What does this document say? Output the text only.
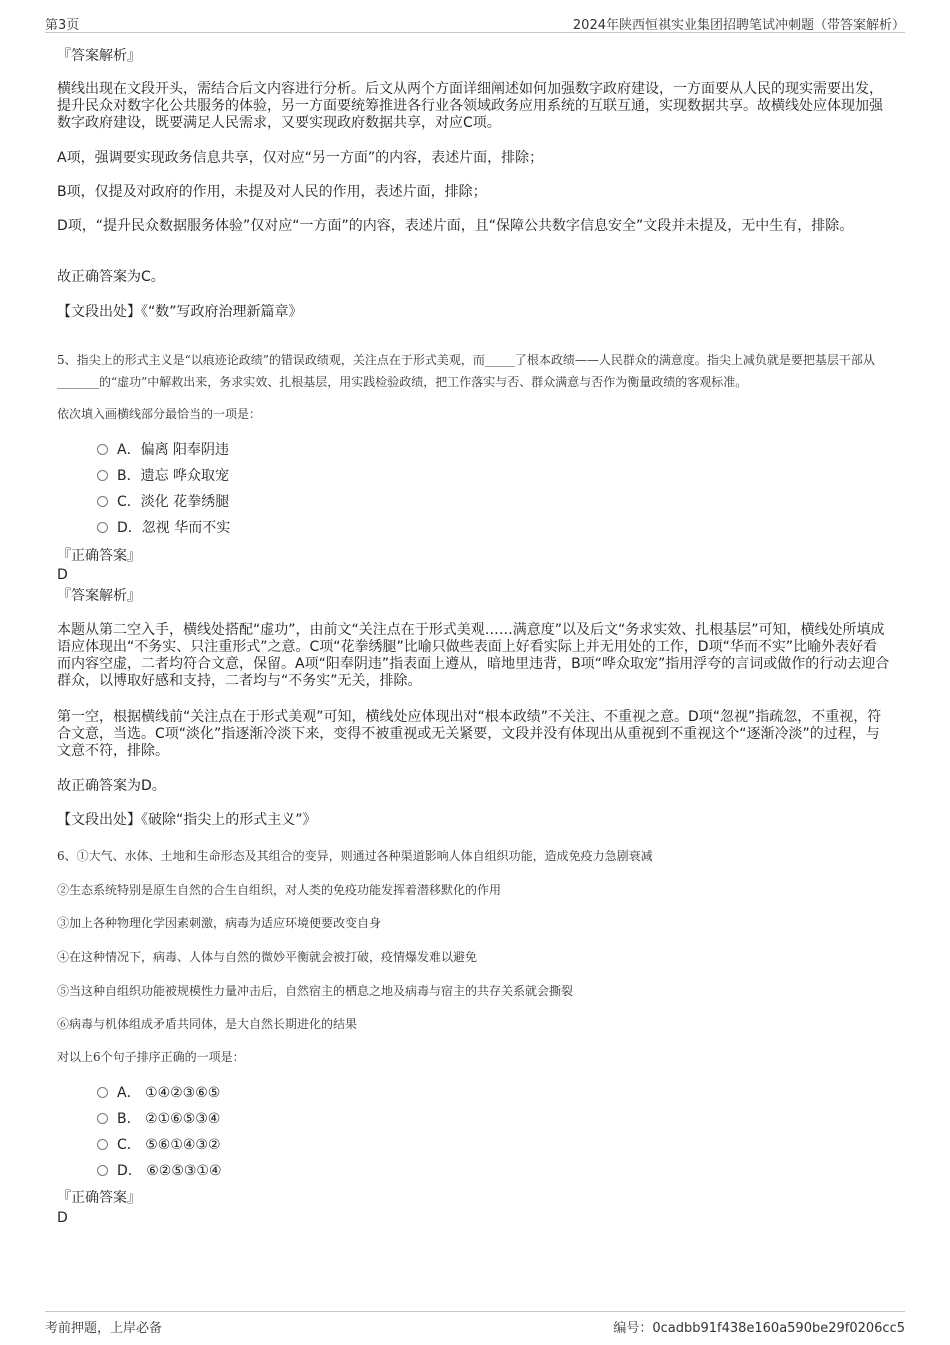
第3页	2024年陕西恒祺实业集团招聘笔试冲刺题（带答案解析）
『答案解析』
横线出现在文段开头，需结合后文内容进行分析。后文从两个方面详细阐述如何加强数字政府建设，一方面要从人民的现实需要出发，提升民众对数字化公共服务的体验，另一方面要统筹推进各行业各领域政务应用系统的互联互通，实现数据共享。故横线处应体现加强数字政府建设，既要满足人民需求，又要实现政府数据共享，对应C项。
A项，强调要实现政务信息共享，仅对应“另一方面”的内容，表述片面，排除；
B项，仅提及对政府的作用，未提及对人民的作用，表述片面，排除；
D项，“提升民众数据服务体验”仅对应“一方面”的内容，表述片面，且“保障公共数字信息安全”文段并未提及，无中生有，排除。
故正确答案为C。
【文段出处】《“数”写政府治理新篇章》
5、指尖上的形式主义是“以痕迹论政绩”的错误政绩观，关注点在于形式美观，而_____了根本政绩——人民群众的满意度。指尖上减负就是要把基层干部从_______的“虚功”中解救出来，务求实效、扎根基层，用实践检验政绩，把工作落实与否、群众满意与否作为衡量政绩的客观标准。
依次填入画横线部分最恰当的一项是：
A．偏离 阳奉阴违
B．遗忘 哗众取宠
C．淡化 花拳绣腿
D．忽视 华而不实
『正确答案』
D
『答案解析』
本题从第二空入手，横线处搭配“虚功”，由前文“关注点在于形式美观……满意度”以及后文“务求实效、扎根基层”可知，横线处所填成语应体现出“不务实、只注重形式”之意。C项“花拳绣腿”比喻只做些表面上好看实际上并无用处的工作，D项“华而不实”比喻外表好看而内容空虚，二者均符合文意，保留。A项“阳奉阴违”指表面上遵从，暗地里违背，B项“哗众取宠”指用浮夸的言词或做作的行动去迎合群众，以博取好感和支持，二者均与“不务实”无关，排除。
第一空，根据横线前“关注点在于形式美观”可知，横线处应体现出对“根本政绩”不关注、不重视之意。D项“忽视”指疏忽，不重视，符合文意，当选。C项“淡化”指逐渐冷淡下来，变得不被重视或无关紧要，文段并没有体现出从重视到不重视这个“逐渐冷淡”的过程，与文意不符，排除。
故正确答案为D。
【文段出处】《破除“指尖上的形式主义”》
6、①大气、水体、土地和生命形态及其组合的变异，则通过各种渠道影响人体自组织功能，造成免疫力急剧衰减
②生态系统特别是原生自然的合生自组织，对人类的免疫功能发挥着潜移默化的作用
③加上各种物理化学因素刺激，病毒为适应环境便要改变自身
④在这种情况下，病毒、人体与自然的微妙平衡就会被打破，疫情爆发难以避免
⑤当这种自组织功能被规模性力量冲击后，自然宿主的栖息之地及病毒与宿主的共存关系就会撕裂
⑥病毒与机体组成矛盾共同体，是大自然长期进化的结果
对以上6个句子排序正确的一项是：
A． ①④②③⑥⑤
B． ②①⑥⑤③④
C． ⑤⑥①④③②
D． ⑥②⑤③①④
『正确答案』
D
考前押题，上岸必备	编号：0cadbb91f438e160a590be29f0206cc5
